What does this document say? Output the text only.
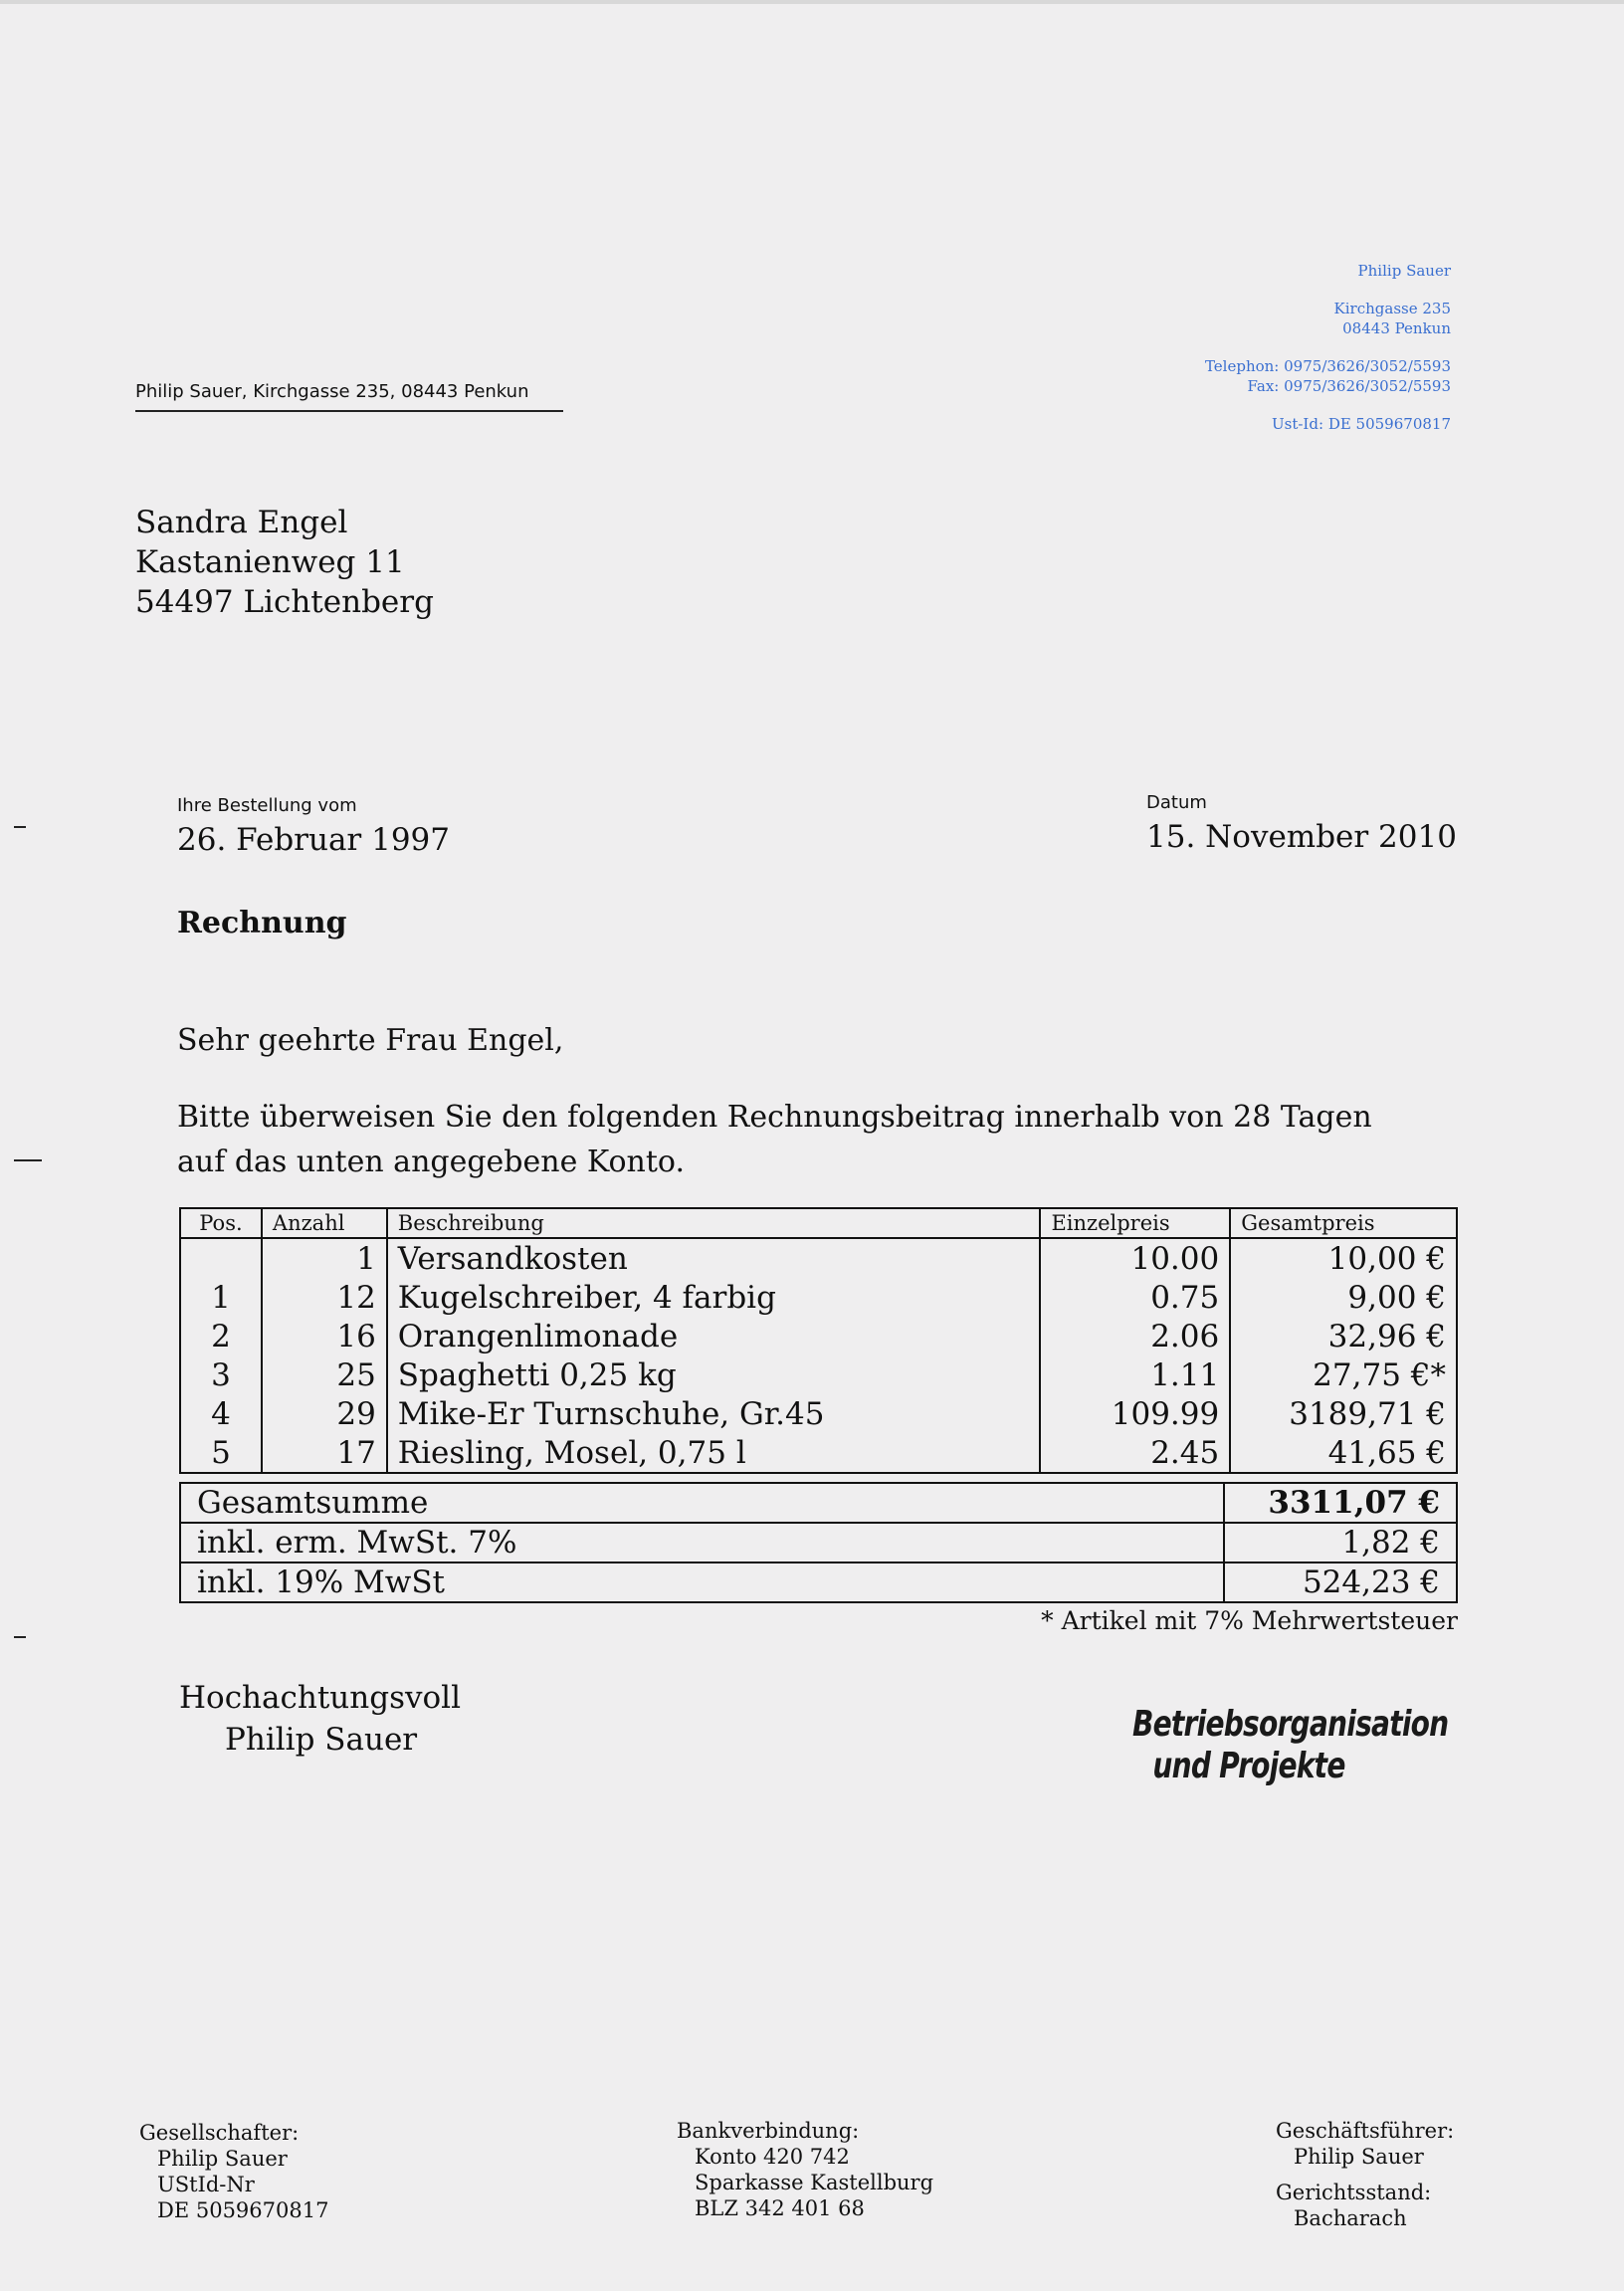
Philip Sauer
Kirchgasse 235
08443 Penkun
Telephon: 0975/3626/3052/5593
Fax: 0975/3626/3052/5593
Ust-Id: DE 5059670817
Philip Sauer, Kirchgasse 235, 08443 Penkun
Sandra Engel
Kastanienweg 11
54497 Lichtenberg
Ihre Bestellung vom
26. Februar 1997
Datum
15. November 2010
Rechnung
Sehr geehrte Frau Engel,
Bitte überweisen Sie den folgenden Rechnungsbeitrag innerhalb von 28 Tagen
auf das unten angegebene Konto.
Pos.	Anzahl	Beschreibung	Einzelpreis	Gesamtpreis
	1	Versandkosten	10.00	10,00 €
1	12	Kugelschreiber, 4 farbig	0.75	9,00 €
2	16	Orangenlimonade	2.06	32,96 €
3	25	Spaghetti 0,25 kg	1.11	27,75 €*
4	29	Mike-Er Turnschuhe, Gr.45	109.99	3189,71 €
5	17	Riesling, Mosel, 0,75 l	2.45	41,65 €
Gesamtsumme	3311,07 €
inkl. erm. MwSt. 7%	1,82 €
inkl. 19% MwSt	524,23 €
* Artikel mit 7% Mehrwertsteuer
Hochachtungsvoll
Philip Sauer	Betriebsorganisation
und Projekte
Gesellschafter:
Philip Sauer
UStId-Nr
DE 5059670817
Bankverbindung:
Konto 420 742
Sparkasse Kastellburg
BLZ 342 401 68
Geschäftsführer:
Philip Sauer
Gerichtsstand:
Bacharach
